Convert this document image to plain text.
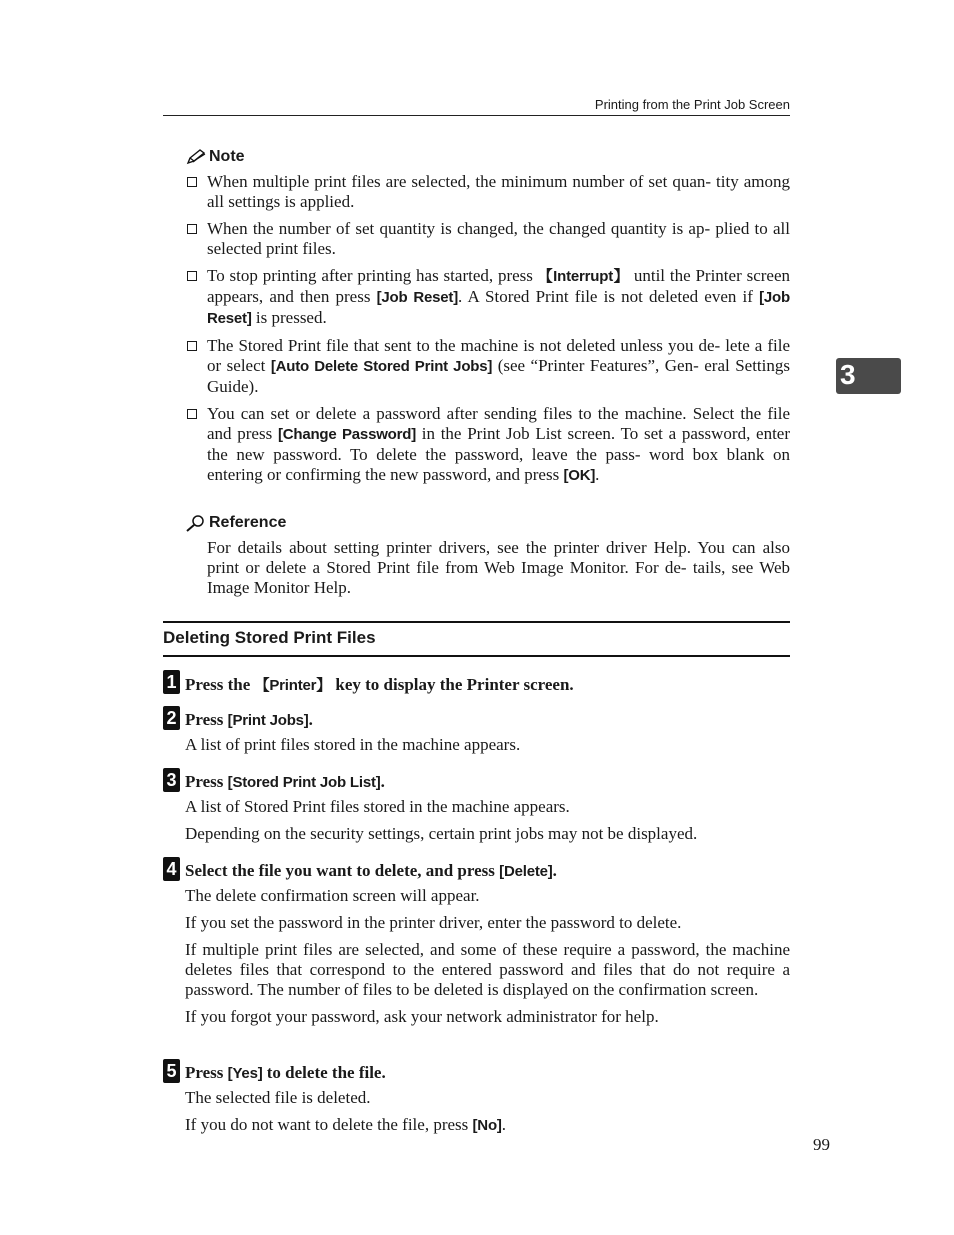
Printing from the Print Job Screen
3
Note
When multiple print files are selected, the minimum number of set quan- tity among all settings is applied.
When the number of set quantity is changed, the changed quantity is ap- plied to all selected print files.
To stop printing after printing has started, press 【Interrupt】 until the Printer screen appears, and then press [Job Reset]. A Stored Print file is not deleted even if [Job Reset] is pressed.
The Stored Print file that sent to the machine is not deleted unless you de- lete a file or select [Auto Delete Stored Print Jobs] (see “Printer Features”, Gen- eral Settings Guide).
You can set or delete a password after sending files to the machine. Select the file and press [Change Password] in the Print Job List screen. To set a password, enter the new password. To delete the password, leave the pass- word box blank on entering or confirming the new password, and press [OK].
Reference

For details about setting printer drivers, see the printer driver Help. You can also print or delete a Stored Print file from Web Image Monitor. For de- tails, see Web Image Monitor Help.

Deleting Stored Print Files
1 Press the 【Printer】 key to display the Printer screen.
2 Press [Print Jobs].

A list of print files stored in the machine appears.

3 Press [Stored Print Job List].

A list of Stored Print files stored in the machine appears.

Depending on the security settings, certain print jobs may not be displayed.

4 Select the file you want to delete, and press [Delete].

The delete confirmation screen will appear.

If you set the password in the printer driver, enter the password to delete.

If multiple print files are selected, and some of these require a password, the machine deletes files that correspond to the entered password and files that do not require a password. The number of files to be deleted is displayed on the confirmation screen.

If you forgot your password, ask your network administrator for help.

5 Press [Yes] to delete the file.

The selected file is deleted.

If you do not want to delete the file, press [No].

99
